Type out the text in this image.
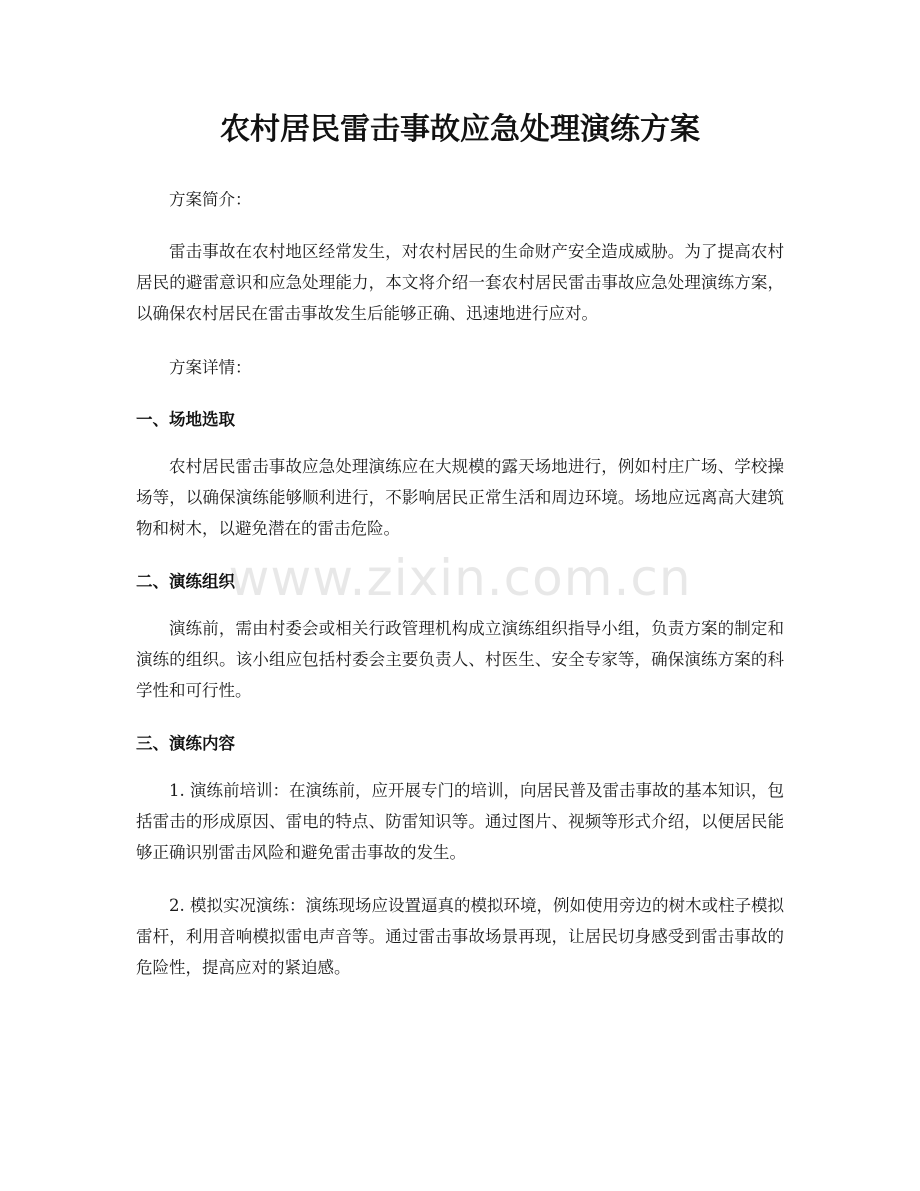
农村居民雷击事故应急处理演练方案

方案简介：

雷击事故在农村地区经常发生，对农村居民的生命财产安全造成威胁。为了提高农村居民的避雷意识和应急处理能力，本文将介绍一套农村居民雷击事故应急处理演练方案，以确保农村居民在雷击事故发生后能够正确、迅速地进行应对。

方案详情：

一、场地选取

农村居民雷击事故应急处理演练应在大规模的露天场地进行，例如村庄广场、学校操场等，以确保演练能够顺利进行，不影响居民正常生活和周边环境。场地应远离高大建筑物和树木，以避免潜在的雷击危险。

二、演练组织

演练前，需由村委会或相关行政管理机构成立演练组织指导小组，负责方案的制定和演练的组织。该小组应包括村委会主要负责人、村医生、安全专家等，确保演练方案的科学性和可行性。

三、演练内容

1. 演练前培训：在演练前，应开展专门的培训，向居民普及雷击事故的基本知识，包括雷击的形成原因、雷电的特点、防雷知识等。通过图片、视频等形式介绍，以便居民能够正确识别雷击风险和避免雷击事故的发生。

2. 模拟实况演练：演练现场应设置逼真的模拟环境，例如使用旁边的树木或柱子模拟雷杆，利用音响模拟雷电声音等。通过雷击事故场景再现，让居民切身感受到雷击事故的危险性，提高应对的紧迫感。

www.zixin.com.cn
